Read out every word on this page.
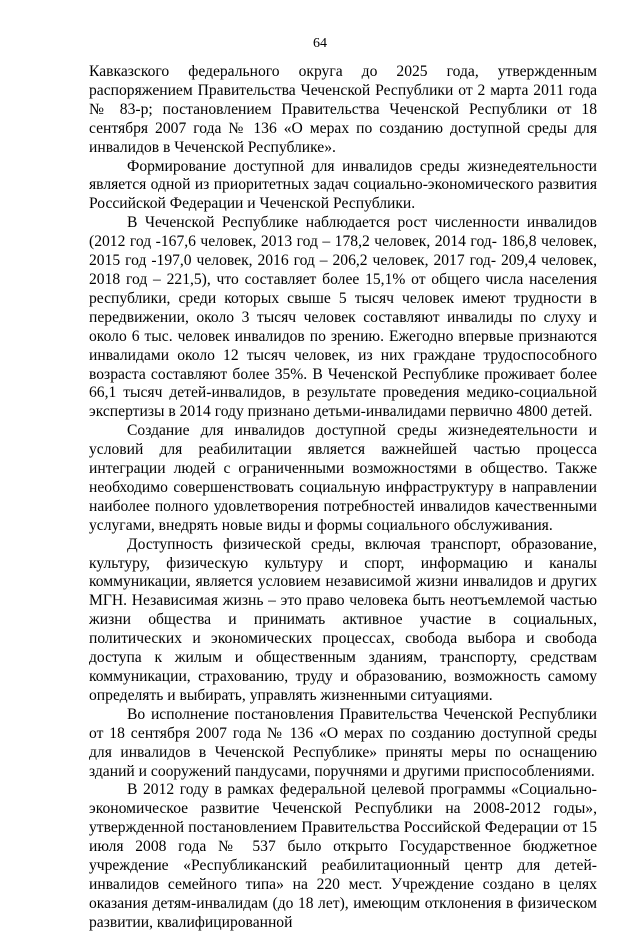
64

Кавказского федерального округа до 2025 года, утвержденным распоряжением Правительства Чеченской Республики от 2 марта 2011 года № 83-р; постановлением Правительства Чеченской Республики от 18 сентября 2007 года № 136 «О мерах по созданию доступной среды для инвалидов в Чеченской Республике».

Формирование доступной для инвалидов среды жизнедеятельности является одной из приоритетных задач социально-экономического развития Российской Федерации и Чеченской Республики.

В Чеченской Республике наблюдается рост численности инвалидов (2012 год -167,6 человек, 2013 год – 178,2 человек, 2014 год- 186,8 человек, 2015 год -197,0 человек, 2016 год – 206,2 человек, 2017 год- 209,4 человек, 2018 год – 221,5), что составляет более 15,1% от общего числа населения республики, среди которых свыше 5 тысяч человек имеют трудности в передвижении, около 3 тысяч человек составляют инвалиды по слуху и около 6 тыс. человек инвалидов по зрению. Ежегодно впервые признаются инвалидами около 12 тысяч человек, из них граждане трудоспособного возраста составляют более 35%. В Чеченской Республике проживает более 66,1 тысяч детей-инвалидов, в результате проведения медико-социальной экспертизы в 2014 году признано детьми-инвалидами первично 4800 детей.

Создание для инвалидов доступной среды жизнедеятельности и условий для реабилитации является важнейшей частью процесса интеграции людей с ограниченными возможностями в общество. Также необходимо совершенствовать социальную инфраструктуру в направлении наиболее полного удовлетворения потребностей инвалидов качественными услугами, внедрять новые виды и формы социального обслуживания.

Доступность физической среды, включая транспорт, образование, культуру, физическую культуру и спорт, информацию и каналы коммуникации, является условием независимой жизни инвалидов и других МГН. Независимая жизнь – это право человека быть неотъемлемой частью жизни общества и принимать активное участие в социальных, политических и экономических процессах, свобода выбора и свобода доступа к жилым и общественным зданиям, транспорту, средствам коммуникации, страхованию, труду и образованию, возможность самому определять и выбирать, управлять жизненными ситуациями.

Во исполнение постановления Правительства Чеченской Республики от 18 сентября 2007 года № 136 «О мерах по созданию доступной среды для инвалидов в Чеченской Республике» приняты меры по оснащению зданий и сооружений пандусами, поручнями и другими приспособлениями.

В 2012 году в рамках федеральной целевой программы «Социально-экономическое развитие Чеченской Республики на 2008-2012 годы», утвержденной постановлением Правительства Российской Федерации от 15 июля 2008 года № 537 было открыто Государственное бюджетное учреждение «Республиканский реабилитационный центр для детей-инвалидов семейного типа» на 220 мест. Учреждение создано в целях оказания детям-инвалидам (до 18 лет), имеющим отклонения в физическом развитии, квалифицированной
